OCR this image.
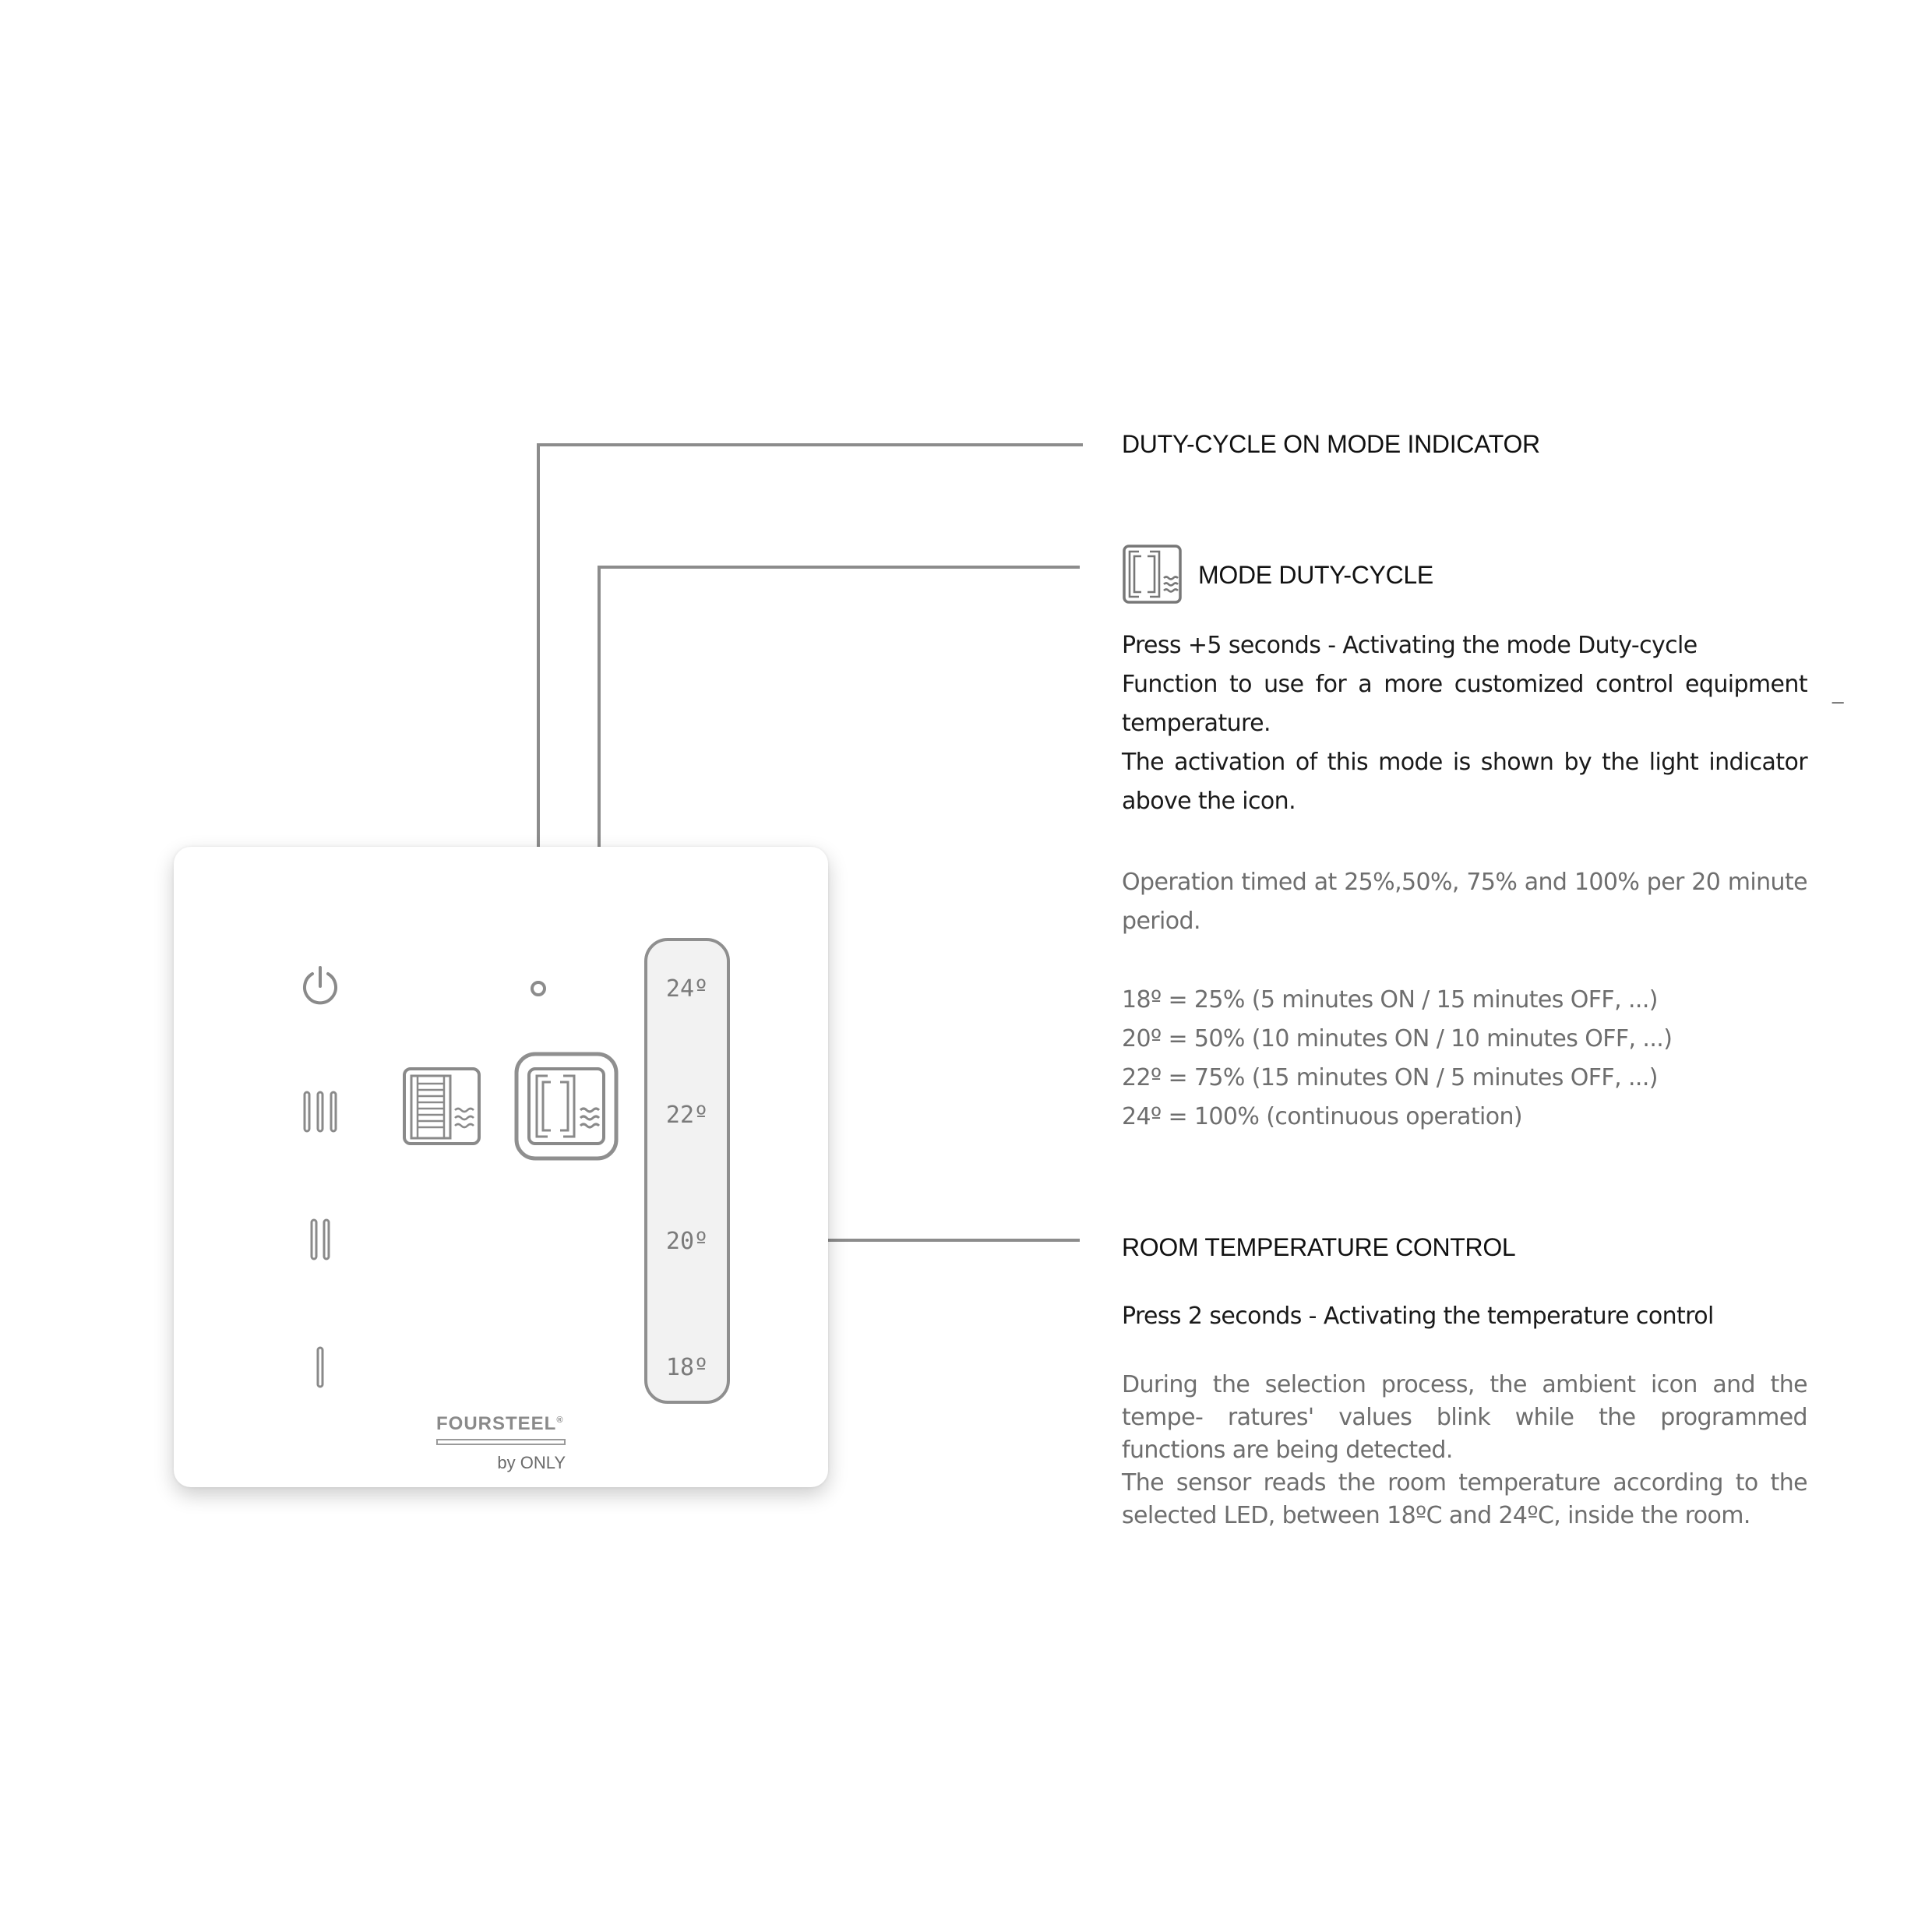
24º
22º
20º
18º
FOURSTEEL®
by ONLY
DUTY-CYCLE ON MODE INDICATOR
MODE DUTY-CYCLE
Press +5 seconds - Activating the mode Duty-cycle
Function to use for a more customized control equipment temperature.
The activation of this mode is shown by the light indicator above the icon.
_
Operation timed at 25%,50%, 75% and 100% per 20 minute period.
18º = 25% (5 minutes ON / 15 minutes OFF, ...)
20º = 50% (10 minutes ON / 10 minutes OFF, ...)
22º = 75% (15 minutes ON / 5 minutes OFF, ...)
24º = 100% (continuous operation)
ROOM TEMPERATURE CONTROL
Press 2 seconds - Activating the temperature control
During the selection process, the ambient icon and the tempe- ratures' values blink while the programmed functions are being detected.
The sensor reads the room temperature according to the selected LED, between 18ºC and 24ºC, inside the room.
